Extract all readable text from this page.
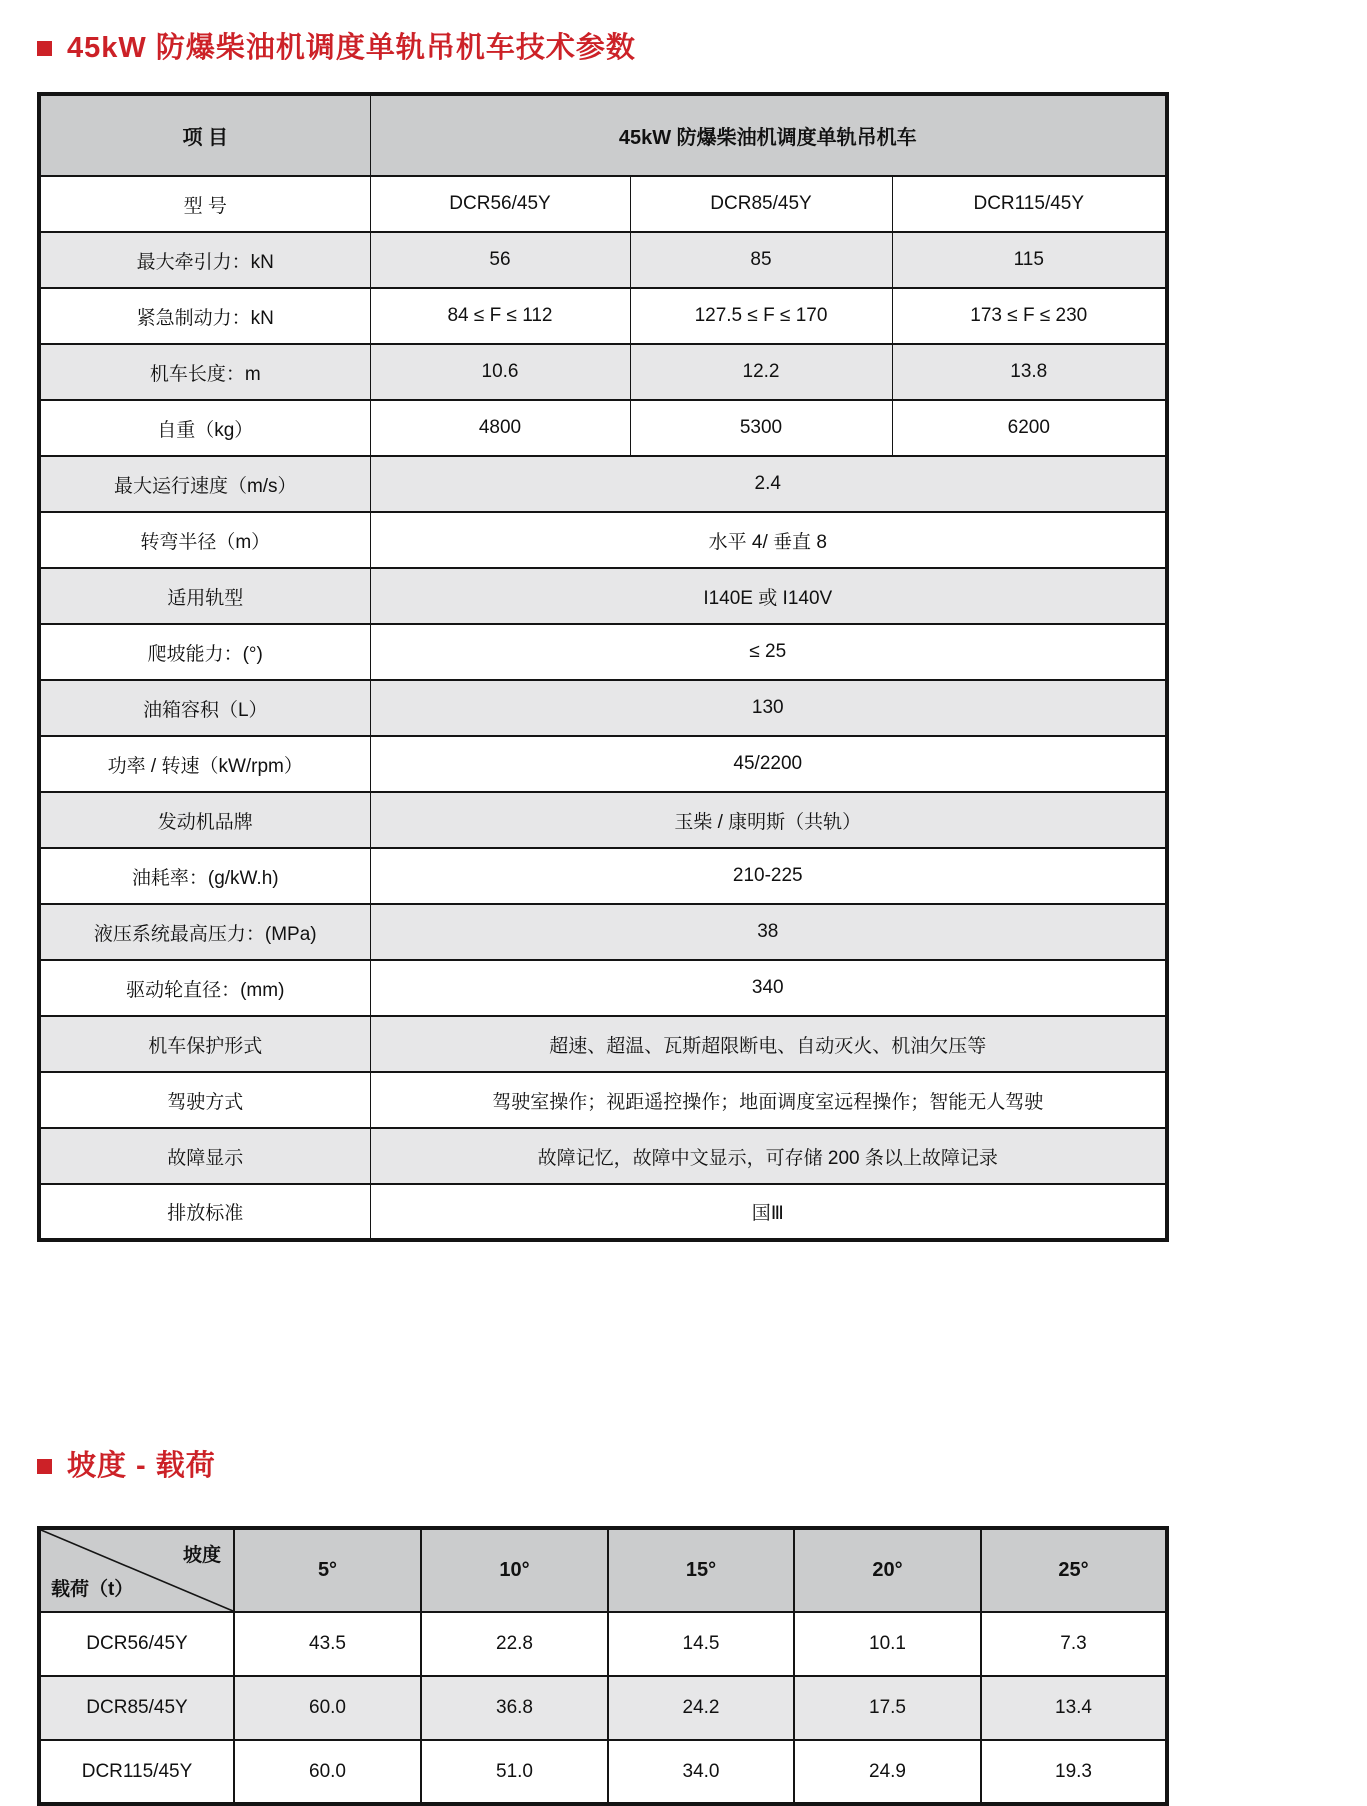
45kW 防爆柴油机调度单轨吊机车技术参数
项 目	45kW 防爆柴油机调度单轨吊机车		
型 号	DCR56/45Y	DCR85/45Y	DCR115/45Y
最大牵引力：kN	56	85	115
紧急制动力：kN	84 ≤ F ≤ 112	127.5 ≤ F ≤ 170	173 ≤ F ≤ 230
机车长度：m	10.6	12.2	13.8
自重（kg）	4800	5300	6200
最大运行速度（m/s）	2.4		
转弯半径（m）	水平 4/ 垂直 8		
适用轨型	I140E 或 I140V		
爬坡能力：(°)	≤ 25		
油箱容积（L）	130		
功率 / 转速（kW/rpm）	45/2200		
发动机品牌	玉柴 / 康明斯（共轨）		
油耗率：(g/kW.h)	210-225		
液压系统最高压力：(MPa)	38		
驱动轮直径：(mm)	340		
机车保护形式	超速、超温、瓦斯超限断电、自动灭火、机油欠压等		
驾驶方式	驾驶室操作；视距遥控操作；地面调度室远程操作；智能无人驾驶		
故障显示	故障记忆，故障中文显示，可存储 200 条以上故障记录		
排放标准	国Ⅲ		
坡度 - 载荷
坡度
载荷（t）	5°	10°	15°	20°	25°
DCR56/45Y	43.5	22.8	14.5	10.1	7.3
DCR85/45Y	60.0	36.8	24.2	17.5	13.4
DCR115/45Y	60.0	51.0	34.0	24.9	19.3
